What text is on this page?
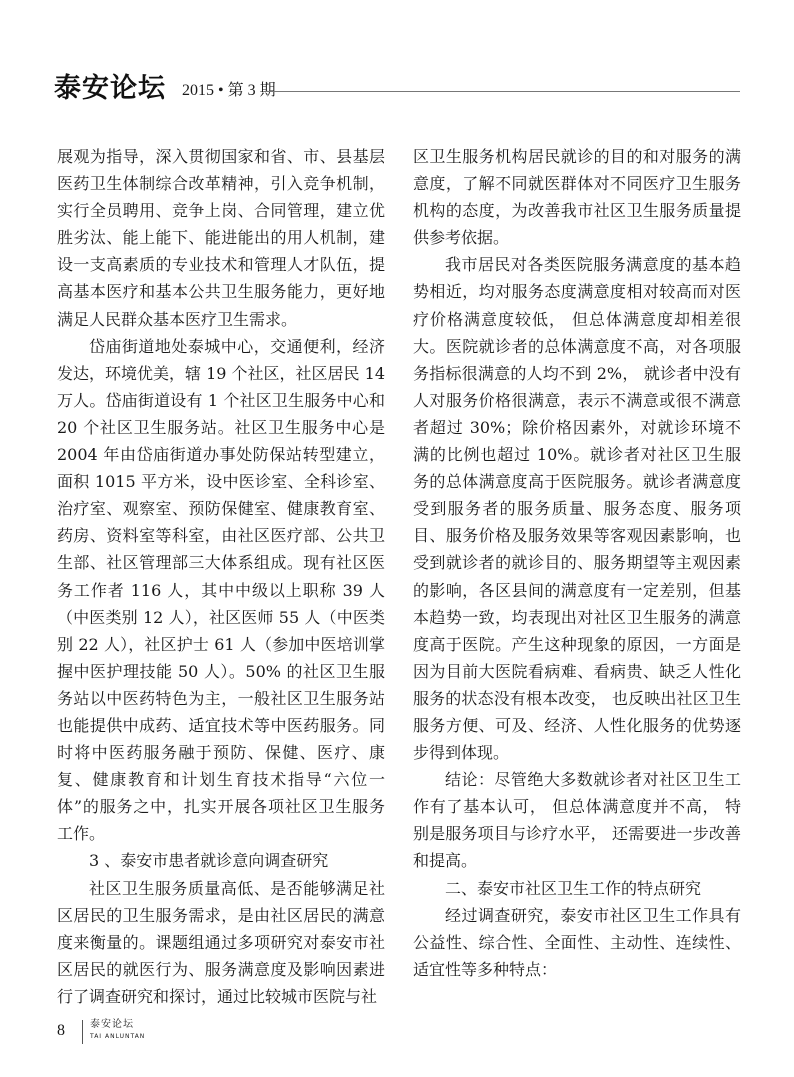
泰安论坛 2015 • 第 3 期

展观为指导，深入贯彻国家和省、市、县基层医药卫生体制综合改革精神，引入竞争机制，实行全员聘用、竞争上岗、合同管理，建立优胜劣汰、能上能下、能进能出的用人机制，建设一支高素质的专业技术和管理人才队伍，提高基本医疗和基本公共卫生服务能力，更好地满足人民群众基本医疗卫生需求。

岱庙街道地处泰城中心，交通便利，经济发达，环境优美，辖 19 个社区，社区居民 14 万人。岱庙街道设有 1 个社区卫生服务中心和 20 个社区卫生服务站。社区卫生服务中心是 2004 年由岱庙街道办事处防保站转型建立，面积 1015 平方米，设中医诊室、全科诊室、治疗室、观察室、预防保健室、健康教育室、药房、资料室等科室，由社区医疗部、公共卫生部、社区管理部三大体系组成。现有社区医务工作者 116 人，其中中级以上职称 39 人（中医类别 12 人），社区医师 55 人（中医类别 22 人），社区护士 61 人（参加中医培训掌握中医护理技能 50 人）。50% 的社区卫生服务站以中医药特色为主，一般社区卫生服务站也能提供中成药、适宜技术等中医药服务。同时将中医药服务融于预防、保健、医疗、康复、健康教育和计划生育技术指导“六位一体”的服务之中，扎实开展各项社区卫生服务工作。

3 、泰安市患者就诊意向调查研究

社区卫生服务质量高低、是否能够满足社区居民的卫生服务需求，是由社区居民的满意度来衡量的。课题组通过多项研究对泰安市社区居民的就医行为、服务满意度及影响因素进行了调查研究和探讨，通过比较城市医院与社

区卫生服务机构居民就诊的目的和对服务的满意度，了解不同就医群体对不同医疗卫生服务机构的态度，为改善我市社区卫生服务质量提供参考依据。

我市居民对各类医院服务满意度的基本趋势相近，均对服务态度满意度相对较高而对医疗价格满意度较低， 但总体满意度却相差很大。医院就诊者的总体满意度不高，对各项服务指标很满意的人均不到 2%， 就诊者中没有人对服务价格很满意，表示不满意或很不满意者超过 30%；除价格因素外，对就诊环境不满的比例也超过 10%。就诊者对社区卫生服务的总体满意度高于医院服务。就诊者满意度受到服务者的服务质量、服务态度、服务项目、服务价格及服务效果等客观因素影响，也受到就诊者的就诊目的、服务期望等主观因素的影响，各区县间的满意度有一定差别，但基本趋势一致，均表现出对社区卫生服务的满意度高于医院。产生这种现象的原因，一方面是因为目前大医院看病难、看病贵、缺乏人性化服务的状态没有根本改变， 也反映出社区卫生服务方便、可及、经济、人性化服务的优势逐步得到体现。

结论：尽管绝大多数就诊者对社区卫生工作有了基本认可， 但总体满意度并不高， 特别是服务项目与诊疗水平， 还需要进一步改善和提高。

二、泰安市社区卫生工作的特点研究

经过调查研究，泰安市社区卫生工作具有公益性、综合性、全面性、主动性、连续性、适宜性等多种特点：

8	泰安论坛
TAI ANLUNTAN
